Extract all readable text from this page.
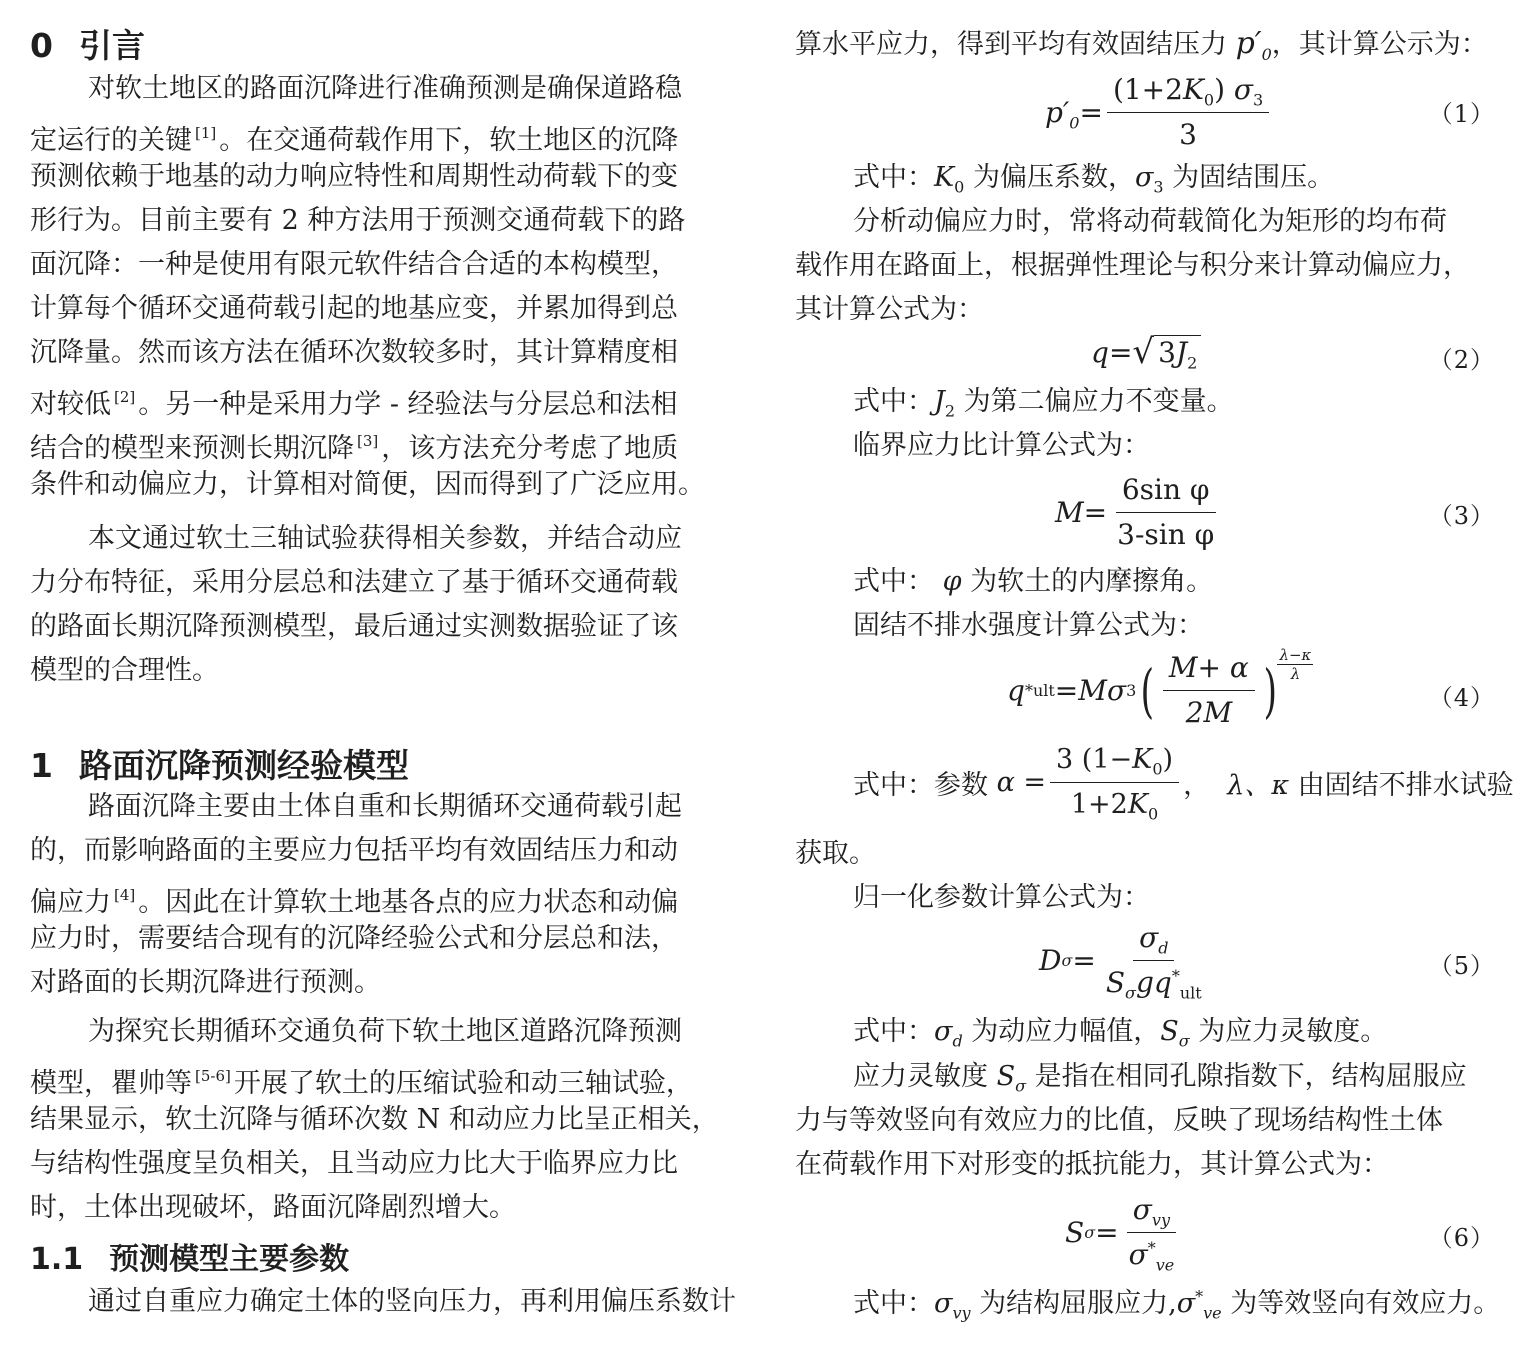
0 引言

对软土地区的路面沉降进行准确预测是确保道路稳

定运行的关键 [1] 。在交通荷载作用下，软土地区的沉降

预测依赖于地基的动力响应特性和周期性动荷载下的变

形行为。目前主要有 2 种方法用于预测交通荷载下的路

面沉降：一种是使用有限元软件结合合适的本构模型，

计算每个循环交通荷载引起的地基应变，并累加得到总

沉降量。然而该方法在循环次数较多时，其计算精度相

对较低 [2] 。另一种是采用力学 - 经验法与分层总和法相

结合的模型来预测长期沉降 [3] ，该方法充分考虑了地质

条件和动偏应力，计算相对简便，因而得到了广泛应用。

本文通过软土三轴试验获得相关参数，并结合动应

力分布特征，采用分层总和法建立了基于循环交通荷载

的路面长期沉降预测模型，最后通过实测数据验证了该

模型的合理性。

1 路面沉降预测经验模型

路面沉降主要由土体自重和长期循环交通荷载引起

的，而影响路面的主要应力包括平均有效固结压力和动

偏应力 [4] 。因此在计算软土地基各点的应力状态和动偏

应力时，需要结合现有的沉降经验公式和分层总和法，

对路面的长期沉降进行预测。

为探究长期循环交通负荷下软土地区道路沉降预测

模型，瞿帅等 [5-6] 开展了软土的压缩试验和动三轴试验，

结果显示，软土沉降与循环次数 N 和动应力比呈正相关，

与结构性强度呈负相关，且当动应力比大于临界应力比

时，土体出现破坏，路面沉降剧烈增大。

1.1 预测模型主要参数

通过自重应力确定土体的竖向压力，再利用偏压系数计

算水平应力，得到平均有效固结压力 $p'_0$，其计算公示为：

$p'_0 = \frac{(1+2K_0) \sigma_3}{3}$	（1）

式中：$K_0$ 为偏压系数，$\sigma_3$ 为固结围压。

分析动偏应力时，常将动荷载简化为矩形的均布荷

载作用在路面上，根据弹性理论与积分来计算动偏应力，

其计算公式为：

q = √ $3J_2$	（2）

式中：$J_2$ 为第二偏应力不变量。

临界应力比计算公式为：

$M = \frac{\text{6sin φ}}{\text{3-sin φ}}$	（3）

式中： φ 为软土的内摩擦角。

固结不排水强度计算公式为：

q * ult = M σ 3 ( $\frac{M+ \alpha}{2M}$ )
λ−κ
λ
（4）
式中：参数
α
= $\frac{3 (1-K_0)}{1+2K_0}$ ，
λ、κ
由固结不排水试验

获取。

归一化参数计算公式为：

D $\sigma = \frac{\sigma_d}{S_\sigma gq^*_{ult}}$	（5）

式中：$\sigma_d$ 为动应力幅值，$S_\sigma$ 为应力灵敏度。

应力灵敏度 $S_\sigma$ 是指在相同孔隙指数下，结构屈服应

力与等效竖向有效应力的比值，反映了现场结构性土体

在荷载作用下对形变的抵抗能力，其计算公式为：

S $\sigma = \frac{\sigma_{vy}}{\sigma^*_{ve}}$	（6）

式中：$\sigma_{vy}$ 为结构屈服应力$,\sigma^*_{ve}$ 为等效竖向有效应力。
